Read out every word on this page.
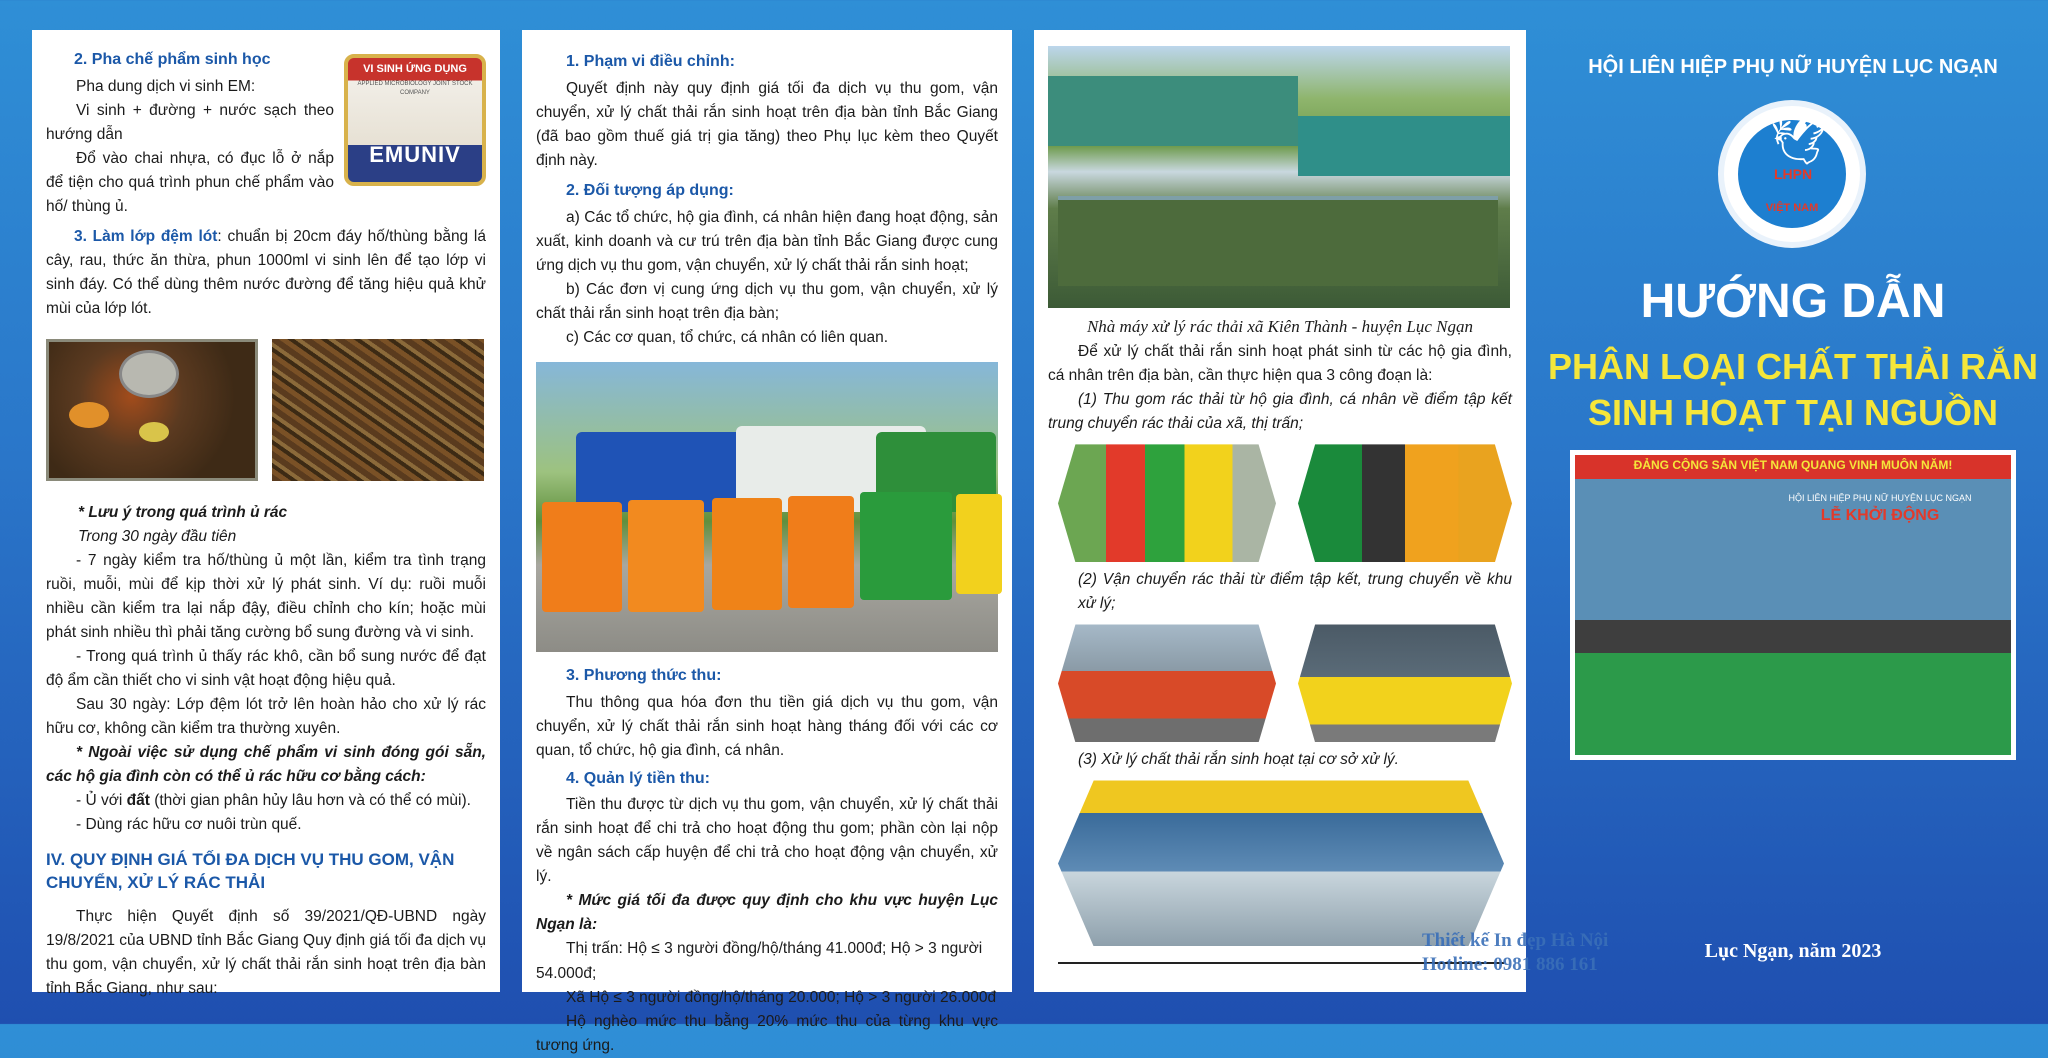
2. Pha chế phẩm sinh học

Pha dung dịch vi sinh EM:

Vi sinh + đường + nước sạch theo hướng dẫn

Đổ vào chai nhựa, có đục lỗ ở nắp để tiện cho quá trình phun chế phẩm vào hố/ thùng ủ.

VI SINH ỨNG DỤNG
APPLIED MICROBIOLOGY JOINT STOCK COMPANY
EMUNIV

3. Làm lớp đệm lót: chuẩn bị 20cm đáy hố/thùng bằng lá cây, rau, thức ăn thừa, phun 1000ml vi sinh lên để tạo lớp vi sinh đáy. Có thể dùng thêm nước đường để tăng hiệu quả khử mùi của lớp lót.

* Lưu ý trong quá trình ủ rác

Trong 30 ngày đầu tiên

- 7 ngày kiểm tra hố/thùng ủ một lần, kiểm tra tình trạng ruồi, muỗi, mùi để kịp thời xử lý phát sinh. Ví dụ: ruồi muỗi nhiều cần kiểm tra lại nắp đậy, điều chỉnh cho kín; hoặc mùi phát sinh nhiều thì phải tăng cường bổ sung đường và vi sinh.

- Trong quá trình ủ thấy rác khô, cần bổ sung nước để đạt độ ẩm cần thiết cho vi sinh vật hoạt động hiệu quả.

Sau 30 ngày: Lớp đệm lót trở lên hoàn hảo cho xử lý rác hữu cơ, không cần kiểm tra thường xuyên.

* Ngoài việc sử dụng chế phẩm vi sinh đóng gói sẵn, các hộ gia đình còn có thể ủ rác hữu cơ bằng cách:

- Ủ với đất (thời gian phân hủy lâu hơn và có thể có mùi).

- Dùng rác hữu cơ nuôi trùn quế.

IV. QUY ĐỊNH GIÁ TỐI ĐA DỊCH VỤ THU GOM, VẬN CHUYỂN, XỬ LÝ RÁC THẢI

Thực hiện Quyết định số 39/2021/QĐ-UBND ngày 19/8/2021 của UBND tỉnh Bắc Giang Quy định giá tối đa dịch vụ thu gom, vận chuyển, xử lý chất thải rắn sinh hoạt trên địa bàn tỉnh Bắc Giang, như sau:

1. Phạm vi điều chỉnh:

Quyết định này quy định giá tối đa dịch vụ thu gom, vận chuyển, xử lý chất thải rắn sinh hoạt trên địa bàn tỉnh Bắc Giang (đã bao gồm thuế giá trị gia tăng) theo Phụ lục kèm theo Quyết định này.

2. Đối tượng áp dụng:

a) Các tổ chức, hộ gia đình, cá nhân hiện đang hoạt động, sản xuất, kinh doanh và cư trú trên địa bàn tỉnh Bắc Giang được cung ứng dịch vụ thu gom, vận chuyển, xử lý chất thải rắn sinh hoạt;

b) Các đơn vị cung ứng dịch vụ thu gom, vận chuyển, xử lý chất thải rắn sinh hoạt trên địa bàn;

c) Các cơ quan, tổ chức, cá nhân có liên quan.

3. Phương thức thu:

Thu thông qua hóa đơn thu tiền giá dịch vụ thu gom, vận chuyển, xử lý chất thải rắn sinh hoạt hàng tháng đối với các cơ quan, tổ chức, hộ gia đình, cá nhân.

4. Quản lý tiền thu:

Tiền thu được từ dịch vụ thu gom, vận chuyển, xử lý chất thải rắn sinh hoạt để chi trả cho hoạt động thu gom; phần còn lại nộp về ngân sách cấp huyện để chi trả cho hoạt động vận chuyển, xử lý.

* Mức giá tối đa được quy định cho khu vực huyện Lục Ngạn là:

Thị trấn: Hộ ≤ 3 người đồng/hộ/tháng 41.000đ; Hộ > 3 người 54.000đ;

Xã Hộ ≤ 3 người đồng/hộ/tháng 20.000; Hộ > 3 người 26.000đ

Hộ nghèo mức thu bằng 20% mức thu của từng khu vực tương ứng.

Nhà máy xử lý rác thải xã Kiên Thành - huyện Lục Ngạn

Để xử lý chất thải rắn sinh hoạt phát sinh từ các hộ gia đình, cá nhân trên địa bàn, cần thực hiện qua 3 công đoạn là:

(1) Thu gom rác thải từ hộ gia đình, cá nhân về điểm tập kết trung chuyển rác thải của xã, thị trấn;

(2) Vận chuyển rác thải từ điểm tập kết, trung chuyển về khu xử lý;

(3) Xử lý chất thải rắn sinh hoạt tại cơ sở xử lý.

Thiết kế In đẹp Hà Nội
Hotline: 0981 886 161
HỘI LIÊN HIỆP PHỤ NỮ HUYỆN LỤC NGẠN
🕊
LHPN
VIỆT NAM
HƯỚNG DẪN
PHÂN LOẠI CHẤT THẢI RẮN
SINH HOẠT TẠI NGUỒN
ĐẢNG CỘNG SẢN VIỆT NAM QUANG VINH MUÔN NĂM!
HỘI LIÊN HIỆP PHỤ NỮ HUYỆN LỤC NGẠN
LỄ KHỞI ĐỘNG
Lục Ngạn, năm 2023
